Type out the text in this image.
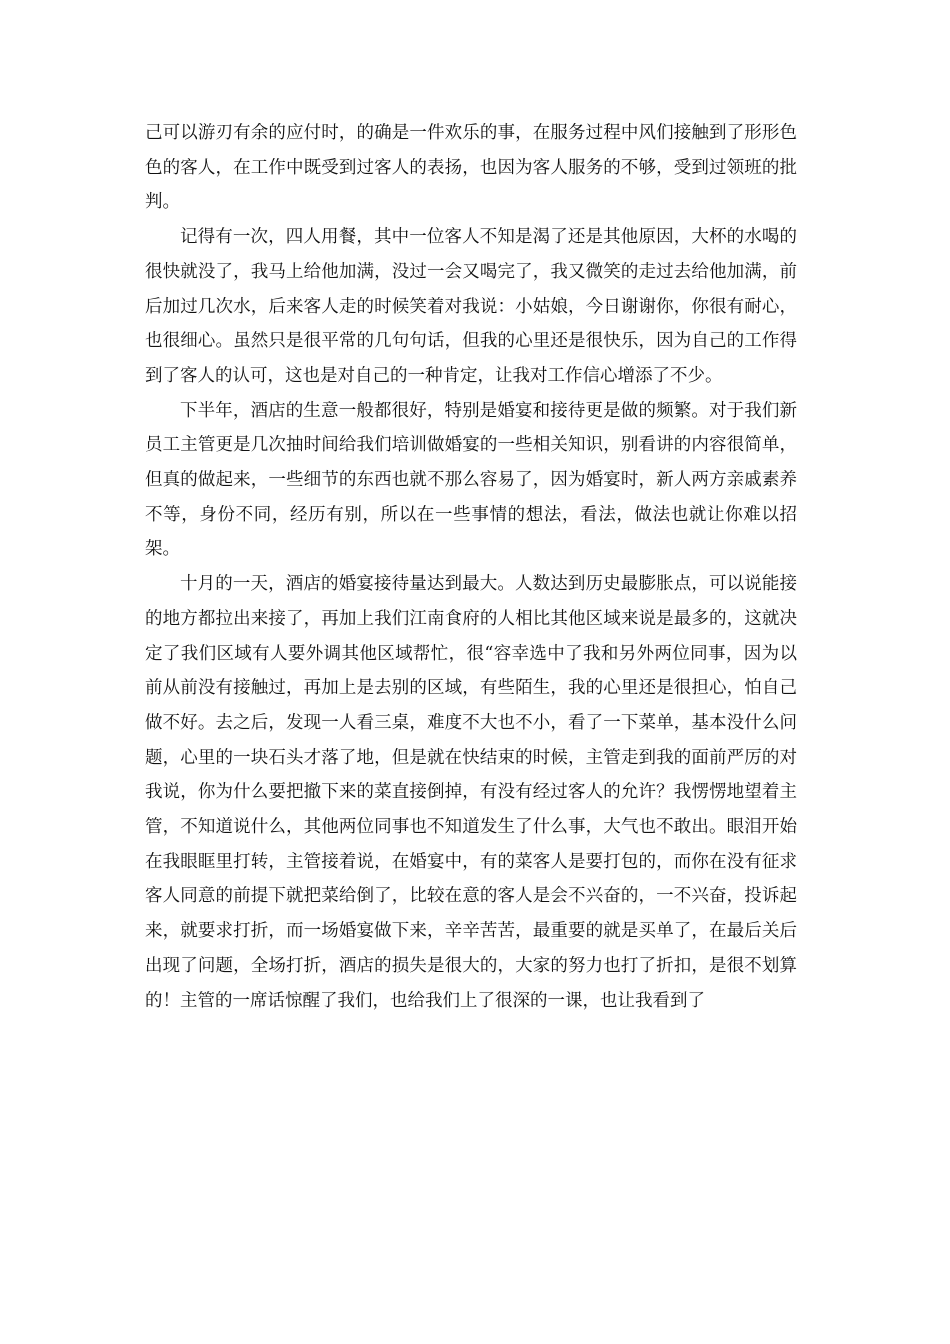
己可以游刃有余的应付时，的确是一件欢乐的事，在服务过程中风们接触到了形形色色的客人，在工作中既受到过客人的表扬，也因为客人服务的不够，受到过领班的批判。

记得有一次，四人用餐，其中一位客人不知是渴了还是其他原因，大杯的水喝的很快就没了，我马上给他加满，没过一会又喝完了，我又微笑的走过去给他加满，前后加过几次水，后来客人走的时候笑着对我说：小姑娘，今日谢谢你，你很有耐心，也很细心。虽然只是很平常的几句句话，但我的心里还是很快乐，因为自己的工作得到了客人的认可，这也是对自己的一种肯定，让我对工作信心增添了不少。

下半年，酒店的生意一般都很好，特别是婚宴和接待更是做的频繁。对于我们新员工主管更是几次抽时间给我们培训做婚宴的一些相关知识，别看讲的内容很简单，但真的做起来，一些细节的东西也就不那么容易了，因为婚宴时，新人两方亲戚素养不等，身份不同，经历有别，所以在一些事情的想法，看法，做法也就让你难以招架。

十月的一天，酒店的婚宴接待量达到最大。人数达到历史最膨胀点，可以说能接的地方都拉出来接了，再加上我们江南食府的人相比其他区域来说是最多的，这就决定了我们区域有人要外调其他区域帮忙，很“容幸选中了我和另外两位同事，因为以前从前没有接触过，再加上是去别的区域，有些陌生，我的心里还是很担心，怕自己做不好。去之后，发现一人看三桌，难度不大也不小，看了一下菜单，基本没什么问题，心里的一块石头才落了地，但是就在快结束的时候，主管走到我的面前严厉的对我说，你为什么要把撤下来的菜直接倒掉，有没有经过客人的允许？我愣愣地望着主管，不知道说什么，其他两位同事也不知道发生了什么事，大气也不敢出。眼泪开始在我眼眶里打转，主管接着说，在婚宴中，有的菜客人是要打包的，而你在没有征求客人同意的前提下就把菜给倒了，比较在意的客人是会不兴奋的，一不兴奋，投诉起来，就要求打折，而一场婚宴做下来，辛辛苦苦，最重要的就是买单了，在最后关后出现了问题，全场打折，酒店的损失是很大的，大家的努力也打了折扣，是很不划算的！主管的一席话惊醒了我们，也给我们上了很深的一课，也让我看到了
